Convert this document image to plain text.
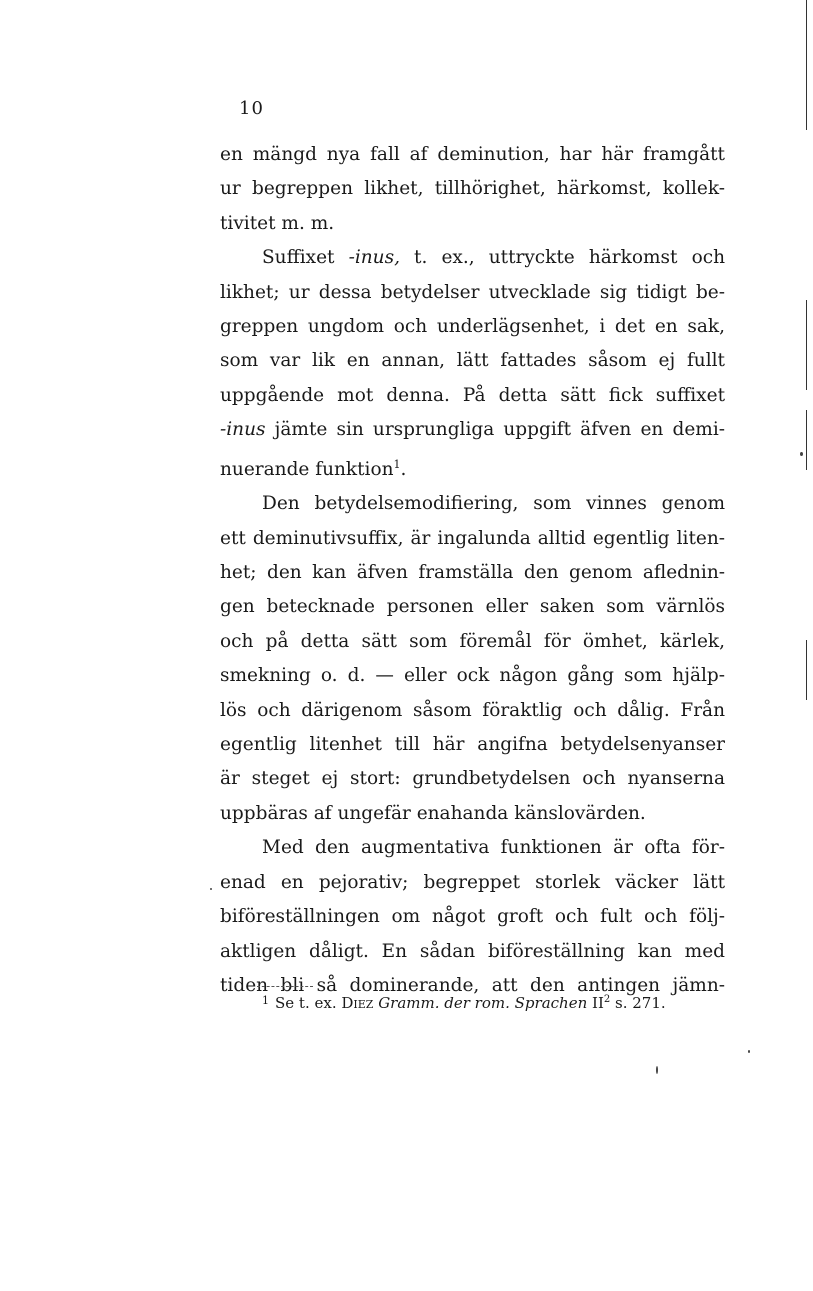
10
en mängd nya fall af deminution, har här framgått
ur begreppen likhet, tillhörighet, härkomst, kollek-
tivitet m. m.
Suffixet -inus, t. ex., uttryckte härkomst och
likhet; ur dessa betydelser utvecklade sig tidigt be-
greppen ungdom och underlägsenhet, i det en sak,
som var lik en annan, lätt fattades såsom ej fullt
uppgående mot denna. På detta sätt fick suffixet
-inus jämte sin ursprungliga uppgift äfven en demi-
nuerande funktion$^1$.
Den betydelsemodifiering, som vinnes genom
ett deminutivsuffix, är ingalunda alltid egentlig liten-
het; den kan äfven framställa den genom aflednin-
gen betecknade personen eller saken som värnlös
och på detta sätt som föremål för ömhet, kärlek,
smekning o. d. — eller ock någon gång som hjälp-
lös och därigenom såsom föraktlig och dålig. Från
egentlig litenhet till här angifna betydelsenyanser
är steget ej stort: grundbetydelsen och nyanserna
uppbäras af ungefär enahanda känslovärden.
Med den augmentativa funktionen är ofta för-
enad en pejorativ; begreppet storlek väcker lätt
biföreställningen om något groft och fult och följ-
aktligen dåligt. En sådan biföreställning kan med
tiden bli så dominerande, att den antingen jämn-
$^1$ Se t. ex. Diez Gramm. der rom. Sprachen $II^2$ s. 271.
